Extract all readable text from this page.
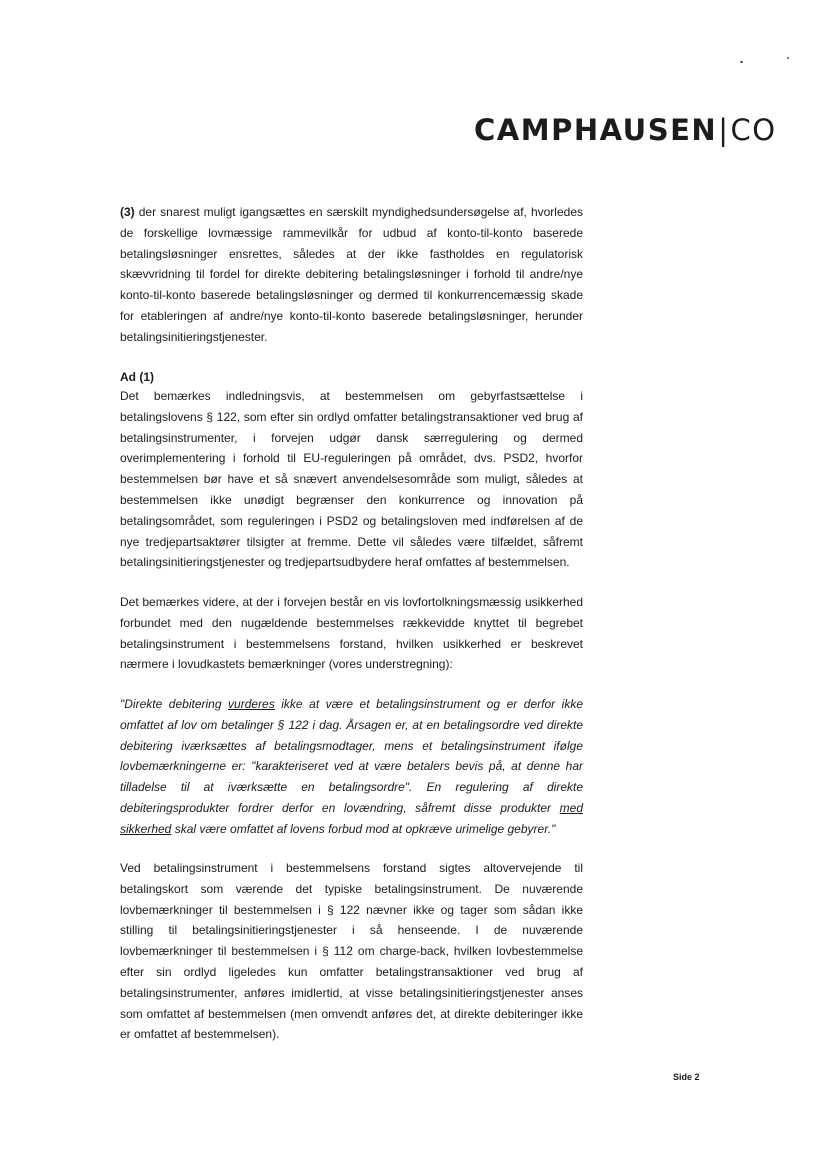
CAMPHAUSEN|CO

(3) der snarest muligt igangsættes en særskilt myndighedsundersøgelse af, hvorledes de forskellige lovmæssige rammevilkår for udbud af konto-til-konto baserede betalingsløsninger ensrettes, således at der ikke fastholdes en regulatorisk skævvridning til fordel for direkte debitering betalingsløsninger i forhold til andre/nye konto-til-konto baserede betalingsløsninger og dermed til konkurrencemæssig skade for etableringen af andre/nye konto-til-konto baserede betalingsløsninger, herunder betalingsinitieringstjenester.

Ad (1)

Det bemærkes indledningsvis, at bestemmelsen om gebyrfastsættelse i betalingslovens § 122, som efter sin ordlyd omfatter betalingstransaktioner ved brug af betalingsinstrumenter, i forvejen udgør dansk særregulering og dermed overimplementering i forhold til EU-reguleringen på området, dvs. PSD2, hvorfor bestemmelsen bør have et så snævert anvendelsesområde som muligt, således at bestemmelsen ikke unødigt begrænser den konkurrence og innovation på betalingsområdet, som reguleringen i PSD2 og betalingsloven med indførelsen af de nye tredjepartsaktører tilsigter at fremme. Dette vil således være tilfældet, såfremt betalingsinitieringstjenester og tredjepartsudbydere heraf omfattes af bestemmelsen.

Det bemærkes videre, at der i forvejen består en vis lovfortolkningsmæssig usikkerhed forbundet med den nugældende bestemmelses rækkevidde knyttet til begrebet betalingsinstrument i bestemmelsens forstand, hvilken usikkerhed er beskrevet nærmere i lovudkastets bemærkninger (vores understregning):

"Direkte debitering vurderes ikke at være et betalingsinstrument og er derfor ikke omfattet af lov om betalinger § 122 i dag. Årsagen er, at en betalingsordre ved direkte debitering iværksættes af betalingsmodtager, mens et betalingsinstrument ifølge lovbemærkningerne er: "karakteriseret ved at være betalers bevis på, at denne har tilladelse til at iværksætte en betalingsordre". En regulering af direkte debiteringsprodukter fordrer derfor en lovændring, såfremt disse produkter med sikkerhed skal være omfattet af lovens forbud mod at opkræve urimelige gebyrer."

Ved betalingsinstrument i bestemmelsens forstand sigtes altovervejende til betalingskort som værende det typiske betalingsinstrument. De nuværende lovbemærkninger til bestemmelsen i § 122 nævner ikke og tager som sådan ikke stilling til betalingsinitieringstjenester i så henseende. I de nuværende lovbemærkninger til bestemmelsen i § 112 om charge-back, hvilken lovbestemmelse efter sin ordlyd ligeledes kun omfatter betalingstransaktioner ved brug af betalingsinstrumenter, anføres imidlertid, at visse betalingsinitieringstjenester anses som omfattet af bestemmelsen (men omvendt anføres det, at direkte debiteringer ikke er omfattet af bestemmelsen).

Side 2
